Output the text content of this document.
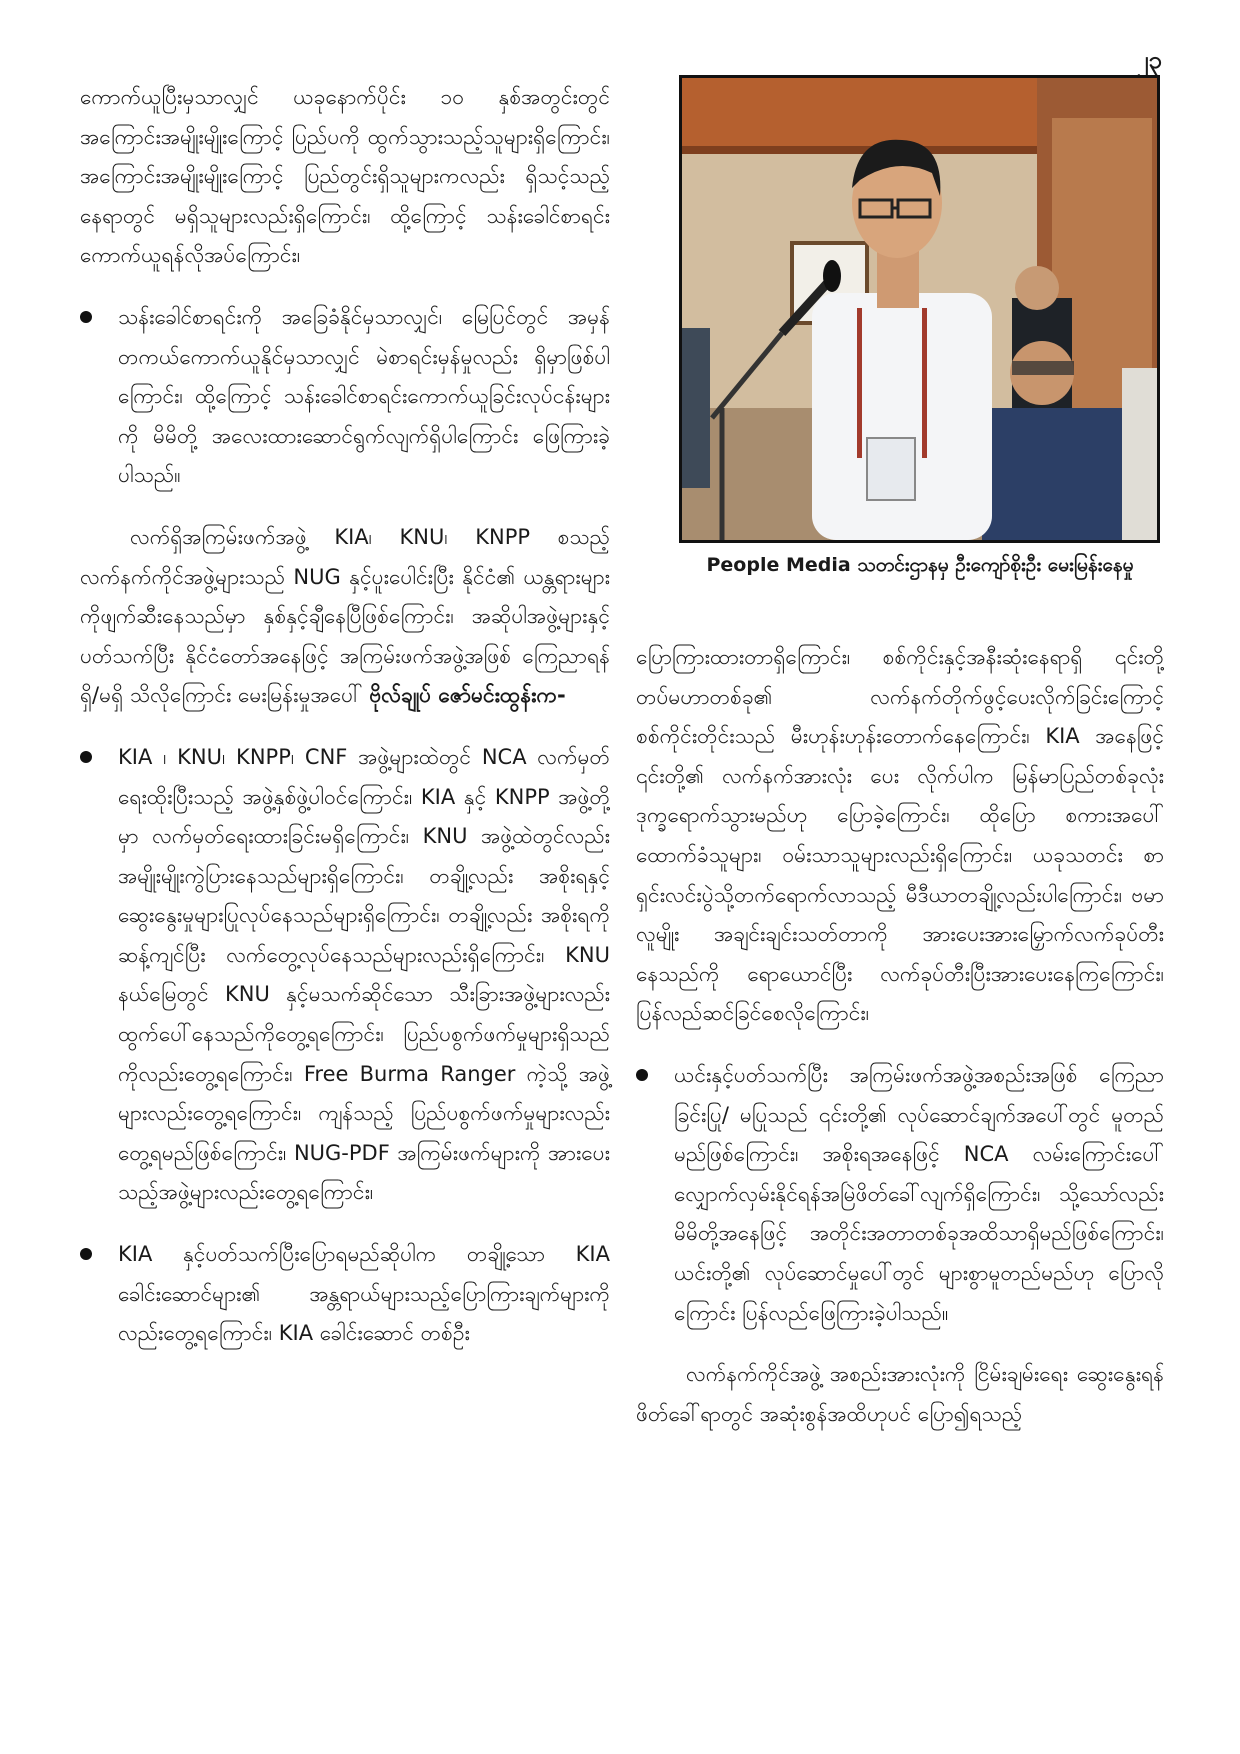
၂၃

ကောက်ယူပြီးမှသာလျှင် ယခုနောက်ပိုင်း ၁၀ နှစ်အတွင်းတွင် အကြောင်းအမျိုးမျိုးကြောင့် ပြည်ပကို ထွက်သွားသည့်သူများရှိကြောင်း၊ အကြောင်းအမျိုးမျိုးကြောင့် ပြည်တွင်းရှိသူများကလည်း ရှိသင့်သည့်နေရာတွင် မရှိသူများလည်းရှိကြောင်း၊ ထို့ကြောင့် သန်းခေါင်စာရင်း ကောက်ယူရန်လိုအပ်ကြောင်း၊

သန်းခေါင်စာရင်းကို အခြေခံနိုင်မှသာလျှင်၊ မြေပြင်တွင် အမှန်တကယ်ကောက်ယူနိုင်မှသာလျှင် မဲစာရင်းမှန်မှုလည်း ရှိမှာဖြစ်ပါကြောင်း၊ ထို့ကြောင့် သန်းခေါင်စာရင်းကောက်ယူခြင်းလုပ်ငန်းများကို မိမိတို့ အလေးထားဆောင်ရွက်လျက်ရှိပါကြောင်း ဖြေကြားခဲ့ပါသည်။

လက်ရှိအကြမ်းဖက်အဖွဲ့ KIA၊ KNU၊ KNPP စသည့် လက်နက်ကိုင်အဖွဲ့များသည် NUG နှင့်ပူးပေါင်းပြီး နိုင်ငံ၏ ယန္တရားများကိုဖျက်ဆီးနေသည်မှာ နှစ်နှင့်ချီနေပြီဖြစ်ကြောင်း၊ အဆိုပါအဖွဲ့များနှင့်ပတ်သက်ပြီး နိုင်ငံတော်အနေဖြင့် အကြမ်းဖက်အဖွဲ့အဖြစ် ကြေညာရန် ရှိ/မရှိ သိလိုကြောင်း မေးမြန်းမှုအပေါ် ဗိုလ်ချုပ် ဇော်မင်းထွန်းက-

KIA ၊ KNU၊ KNPP၊ CNF အဖွဲ့များထဲတွင် NCA လက်မှတ်ရေးထိုးပြီးသည့် အဖွဲ့နှစ်ဖွဲ့ပါဝင်ကြောင်း၊ KIA နှင့် KNPP အဖွဲ့တို့မှာ လက်မှတ်ရေးထားခြင်းမရှိကြောင်း၊ KNU အဖွဲ့ထဲတွင်လည်း အမျိုးမျိုးကွဲပြားနေသည်များရှိကြောင်း၊ တချို့လည်း အစိုးရနှင့် ဆွေးနွေးမှုများပြုလုပ်နေသည်များရှိကြောင်း၊ တချို့လည်း အစိုးရကိုဆန့်ကျင်ပြီး လက်တွေ့လုပ်နေသည်များလည်းရှိကြောင်း၊ KNU နယ်မြေတွင် KNU နှင့်မသက်ဆိုင်သော သီးခြားအဖွဲ့များလည်း ထွက်ပေါ်နေသည်ကိုတွေ့ရကြောင်း၊ ပြည်ပစွက်ဖက်မှုများရှိသည်ကိုလည်းတွေ့ရကြောင်း၊ Free Burma Ranger ကဲ့သို့ အဖွဲ့များလည်းတွေ့ရကြောင်း၊ ကျန်သည့် ပြည်ပစွက်ဖက်မှုများလည်းတွေ့ရမည်ဖြစ်ကြောင်း၊ NUG-PDF အကြမ်းဖက်များကို အားပေးသည့်အဖွဲ့များလည်းတွေ့ရကြောင်း၊

KIA နှင့်ပတ်သက်ပြီးပြောရမည်ဆိုပါက တချို့သော KIA ခေါင်းဆောင်များ၏ အန္တရာယ်များသည့်ပြောကြားချက်များကိုလည်းတွေ့ရကြောင်း၊ KIA ခေါင်းဆောင် တစ်ဦး

People Media သတင်းဌာနမှ ဦးကျော်စိုးဦး မေးမြန်းနေမှု

ပြောကြားထားတာရှိကြောင်း၊ စစ်ကိုင်းနှင့်အနီးဆုံးနေရာရှိ ၎င်းတို့ တပ်မဟာတစ်ခု၏ လက်နက်တိုက်ဖွင့်ပေးလိုက်ခြင်းကြောင့် စစ်ကိုင်းတိုင်းသည် မီးဟုန်းဟုန်းတောက်နေကြောင်း၊ KIA အနေဖြင့် ၎င်းတို့၏ လက်နက်အားလုံး ပေး လိုက်ပါက မြန်မာပြည်တစ်ခုလုံး ဒုက္ခရောက်သွားမည်ဟု ပြောခဲ့ကြောင်း၊ ထိုပြော စကားအပေါ် ထောက်ခံသူများ၊ ဝမ်းသာသူများလည်းရှိကြောင်း၊ ယခုသတင်း စာရှင်းလင်းပွဲသို့တက်ရောက်လာသည့် မီဒီယာတချို့လည်းပါကြောင်း၊ ဗမာလူမျိုး အချင်းချင်းသတ်တာကို အားပေးအားမြှောက်လက်ခုပ်တီးနေသည်ကို ရောယောင်ပြီး လက်ခုပ်တီးပြီးအားပေးနေကြကြောင်း၊ ပြန်လည်ဆင်ခြင်စေလိုကြောင်း၊

ယင်းနှင့်ပတ်သက်ပြီး အကြမ်းဖက်အဖွဲ့အစည်းအဖြစ် ကြေညာခြင်းပြု/ မပြုသည် ၎င်းတို့၏ လုပ်ဆောင်ချက်အပေါ်တွင် မူတည်မည်ဖြစ်ကြောင်း၊ အစိုးရအနေဖြင့် NCA လမ်းကြောင်းပေါ် လျှောက်လှမ်းနိုင်ရန်အမြဲဖိတ်ခေါ်လျက်ရှိကြောင်း၊ သို့သော်လည်း မိမိတို့အနေဖြင့် အတိုင်းအတာတစ်ခုအထိသာရှိမည်ဖြစ်ကြောင်း၊ ယင်းတို့၏ လုပ်ဆောင်မှုပေါ်တွင် များစွာမူတည်မည်ဟု ပြောလိုကြောင်း ပြန်လည်ဖြေကြားခဲ့ပါသည်။

လက်နက်ကိုင်အဖွဲ့ အစည်းအားလုံးကို ငြိမ်းချမ်းရေး ဆွေးနွေးရန်ဖိတ်ခေါ်ရာတွင် အဆုံးစွန်အထိဟုပင် ပြော၍ရသည့်
